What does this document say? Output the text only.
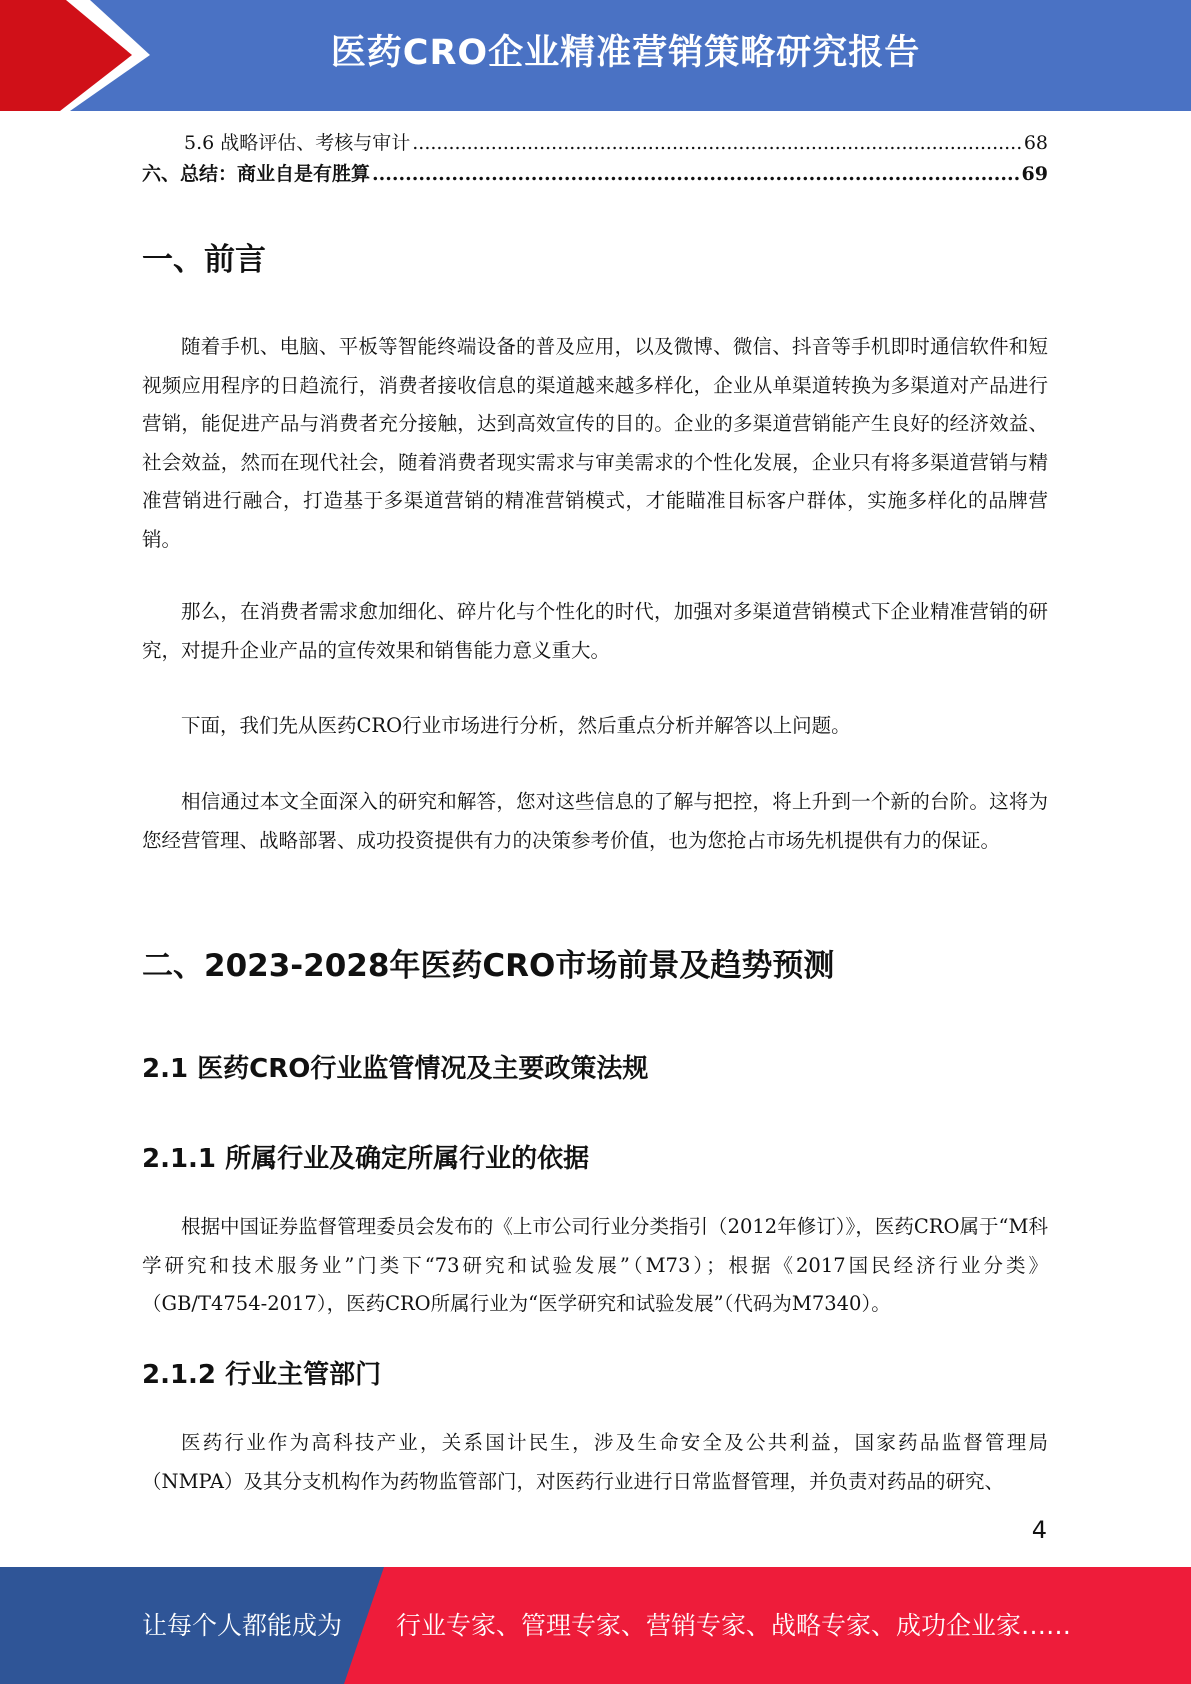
医药CRO企业精准营销策略研究报告
5.6 战略评估、考核与审计 .....	68
六、总结：商业自是有胜算 .....	69
一、前言

随着手机、电脑、平板等智能终端设备的普及应用，以及微博、微信、抖音等手机即时通信软件和短视频应用程序的日趋流行，消费者接收信息的渠道越来越多样化，企业从单渠道转换为多渠道对产品进行营销，能促进产品与消费者充分接触，达到高效宣传的目的。企业的多渠道营销能产生良好的经济效益、社会效益，然而在现代社会，随着消费者现实需求与审美需求的个性化发展，企业只有将多渠道营销与精准营销进行融合，打造基于多渠道营销的精准营销模式，才能瞄准目标客户群体，实施多样化的品牌营销。

那么，在消费者需求愈加细化、碎片化与个性化的时代，加强对多渠道营销模式下企业精准营销的研究，对提升企业产品的宣传效果和销售能力意义重大。

下面，我们先从医药CRO行业市场进行分析，然后重点分析并解答以上问题。

相信通过本文全面深入的研究和解答，您对这些信息的了解与把控，将上升到一个新的台阶。这将为您经营管理、战略部署、成功投资提供有力的决策参考价值，也为您抢占市场先机提供有力的保证。

二、2023-2028年医药CRO市场前景及趋势预测
2.1 医药CRO行业监管情况及主要政策法规
2.1.1 所属行业及确定所属行业的依据

根据中国证券监督管理委员会发布的《上市公司行业分类指引（2012年修订）》，医药CRO属于“M科学研究和技术服务业”门类下“73研究和试验发展”（M73）；根据《2017国民经济行业分类》（GB/T4754-2017），医药CRO所属行业为“医学研究和试验发展”（代码为M7340）。

2.1.2 行业主管部门

医药行业作为高科技产业，关系国计民生，涉及生命安全及公共利益，国家药品监督管理局（NMPA）及其分支机构作为药物监管部门，对医药行业进行日常监督管理，并负责对药品的研究、

4
让每个人都能成为 行业专家、管理专家、营销专家、战略专家、成功企业家……
